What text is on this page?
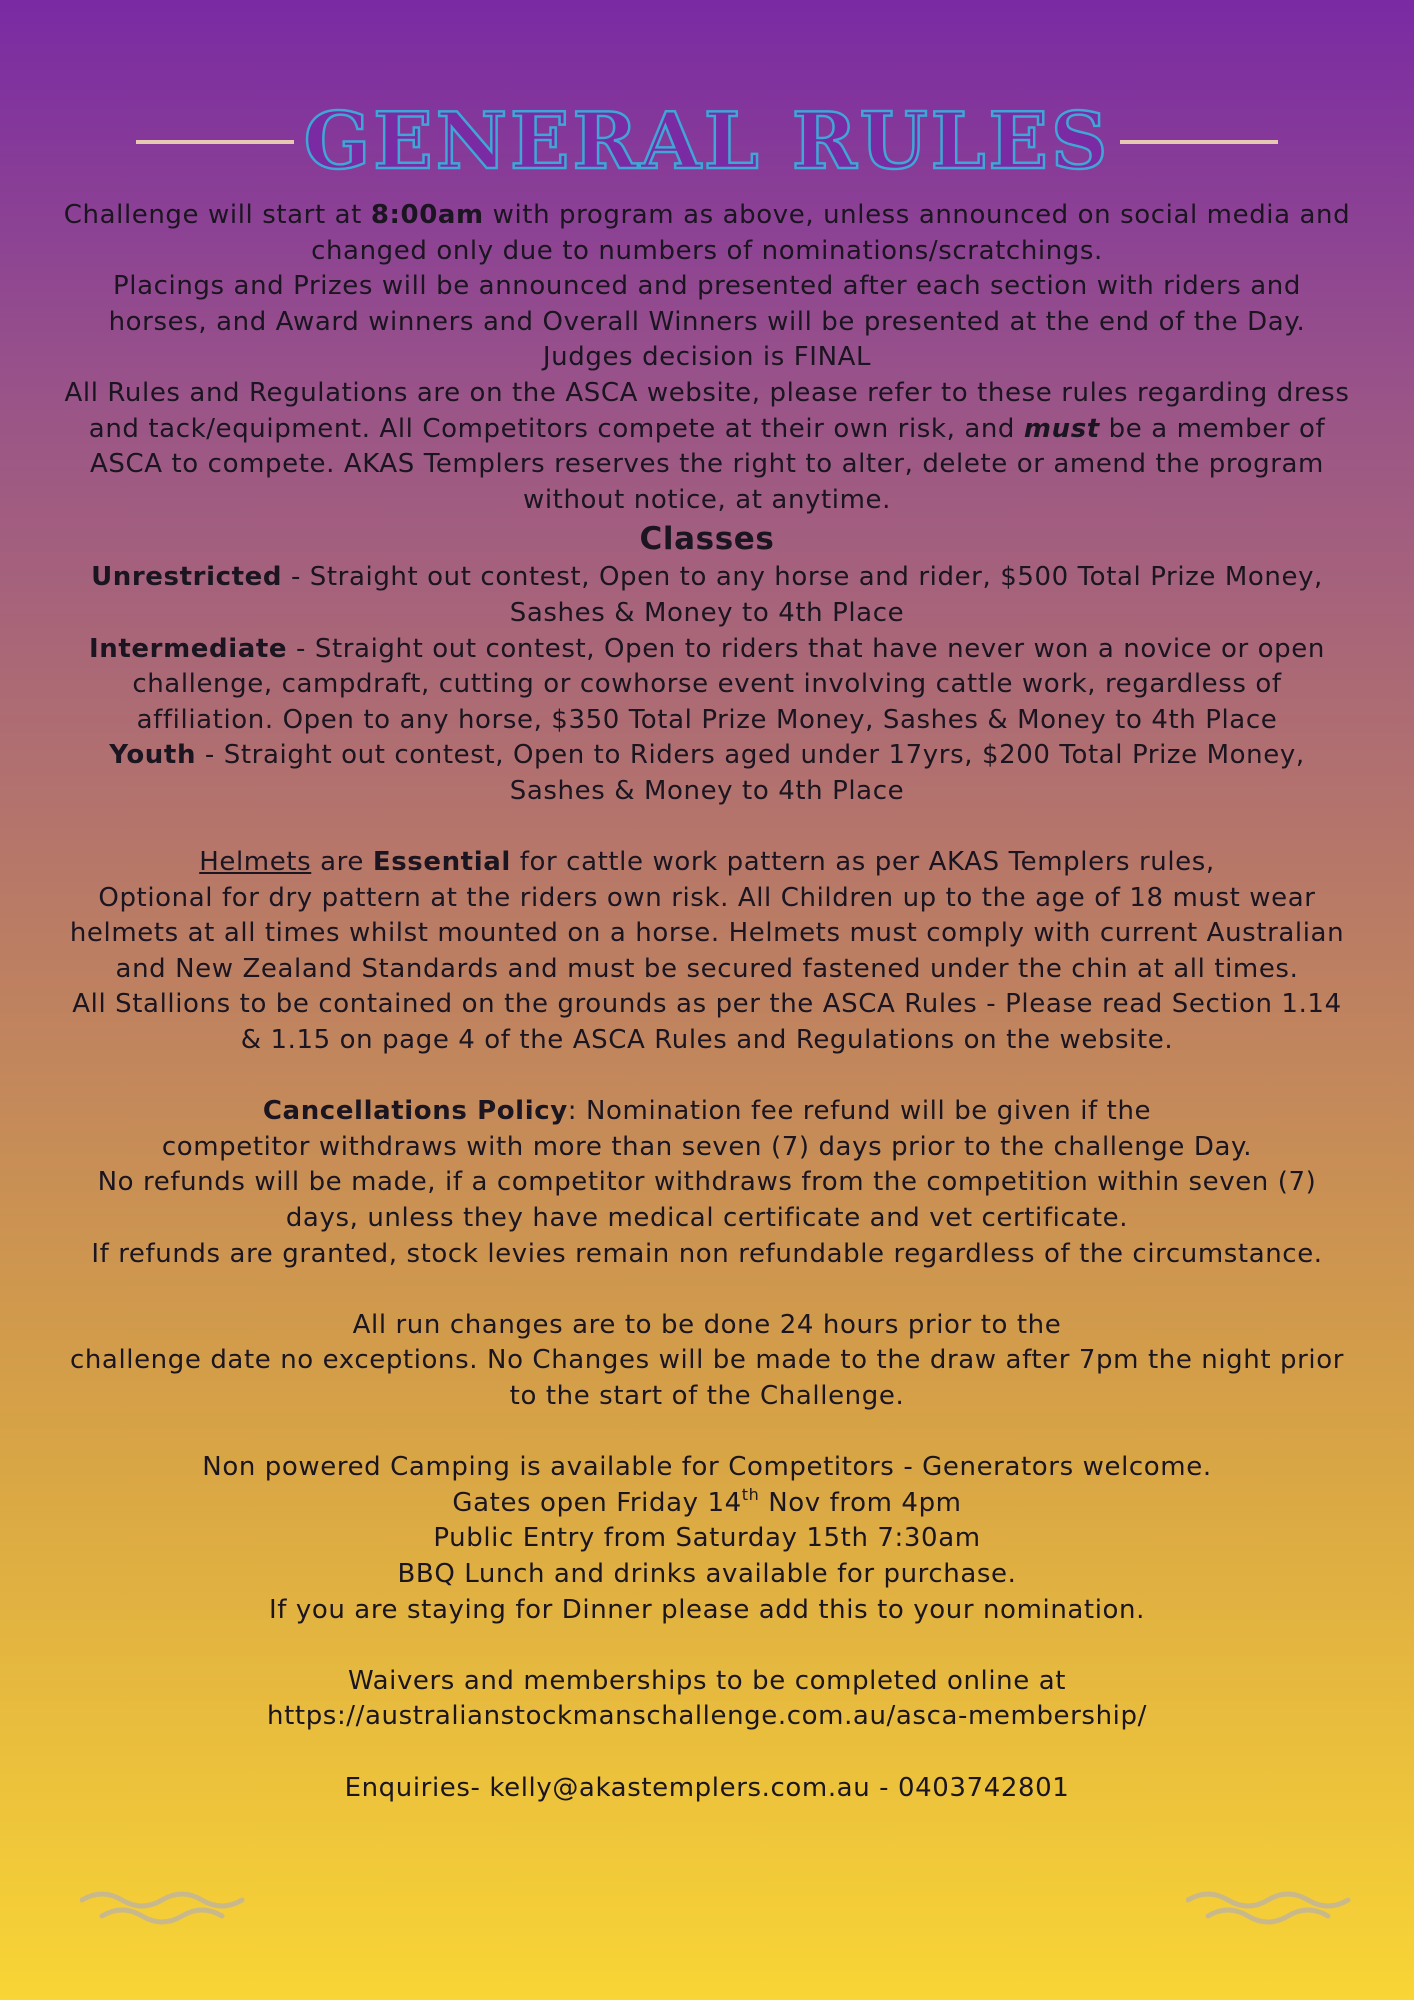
GENERAL RULES

Challenge will start at 8:00am with program as above, unless announced on social media and changed only due to numbers of nominations/scratchings.

Placings and Prizes will be announced and presented after each section with riders and horses, and Award winners and Overall Winners will be presented at the end of the Day.

Judges decision is FINAL

All Rules and Regulations are on the ASCA website, please refer to these rules regarding dress and tack/equipment. All Competitors compete at their own risk, and must be a member of ASCA to compete. AKAS Templers reserves the right to alter, delete or amend the program without notice, at anytime.

Classes

Unrestricted - Straight out contest, Open to any horse and rider, $500 Total Prize Money, Sashes & Money to 4th Place

Intermediate - Straight out contest, Open to riders that have never won a novice or open challenge, campdraft, cutting or cowhorse event involving cattle work, regardless of affiliation. Open to any horse, $350 Total Prize Money, Sashes & Money to 4th Place

Youth - Straight out contest, Open to Riders aged under 17yrs, $200 Total Prize Money, Sashes & Money to 4th Place

Helmets are Essential for cattle work pattern as per AKAS Templers rules,

Optional for dry pattern at the riders own risk. All Children up to the age of 18 must wear helmets at all times whilst mounted on a horse. Helmets must comply with current Australian and New Zealand Standards and must be secured fastened under the chin at all times.

All Stallions to be contained on the grounds as per the ASCA Rules - Please read Section 1.14 & 1.15 on page 4 of the ASCA Rules and Regulations on the website.

Cancellations Policy: Nomination fee refund will be given if the

competitor withdraws with more than seven (7) days prior to the challenge Day.

No refunds will be made, if a competitor withdraws from the competition within seven (7) days, unless they have medical certificate and vet certificate.

If refunds are granted, stock levies remain non refundable regardless of the circumstance.

All run changes are to be done 24 hours prior to the

challenge date no exceptions. No Changes will be made to the draw after 7pm the night prior to the start of the Challenge.

Non powered Camping is available for Competitors - Generators welcome.

Gates open Friday 14th Nov from 4pm

Public Entry from Saturday 15th 7:30am

BBQ Lunch and drinks available for purchase.

If you are staying for Dinner please add this to your nomination.

Waivers and memberships to be completed online at

https://australianstockmanschallenge.com.au/asca-membership/

Enquiries- kelly@akastemplers.com.au - 0403742801
